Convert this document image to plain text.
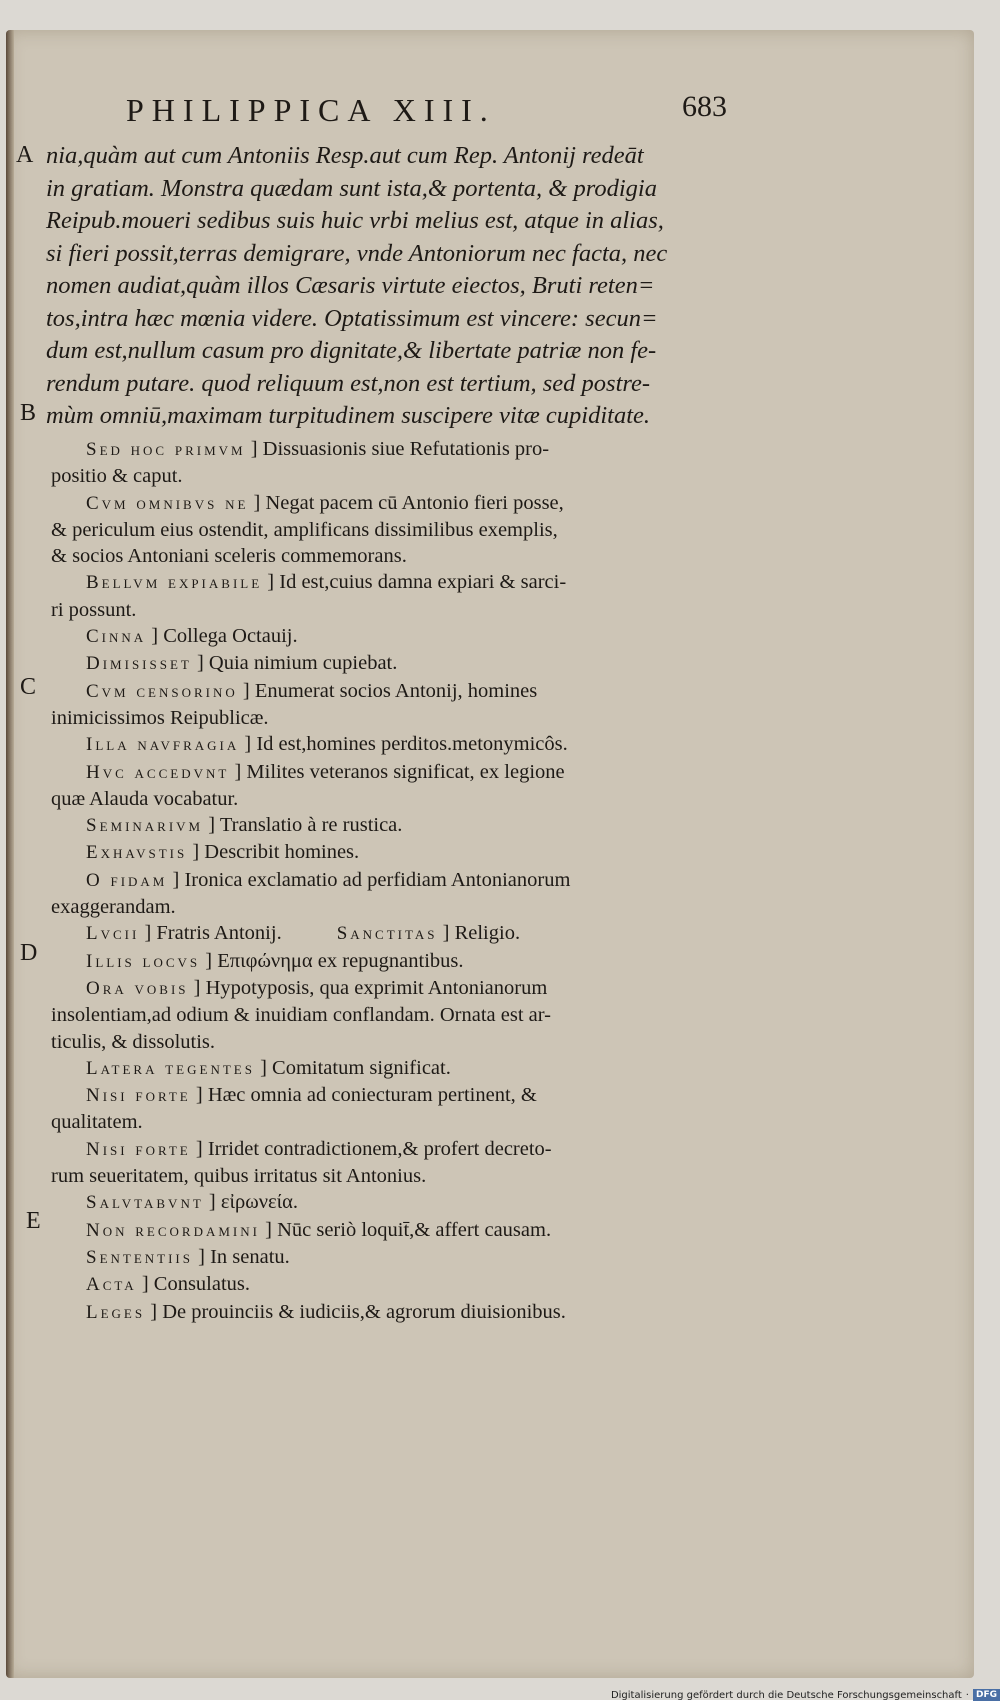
PHILIPPICA XIII.	683
nia,quàm aut cum Antoniis Resp.aut cum Rep. Antonij redeāt
in gratiam. Monstra quædam sunt ista,& portenta, & prodigia
Reipub.moueri sedibus suis huic vrbi melius est, atque in alias,
si fieri possit,terras demigrare, vnde Antoniorum nec facta, nec
nomen audiat,quàm illos Cæsaris virtute eiectos, Bruti reten=
tos,intra hæc mœnia videre. Optatissimum est vincere: secun=
dum est,nullum casum pro dignitate,& libertate patriæ non fe-
rendum putare. quod reliquum est,non est tertium, sed postre-
mùm omniū,maximam turpitudinem suscipere vitæ cupiditate.
Sed hoc primvm ] Dissuasionis siue Refutationis pro-
positio & caput.
Cvm omnibvs ne ] Negat pacem cū Antonio fieri posse,
& periculum eius ostendit, amplificans dissimilibus exemplis,
& socios Antoniani sceleris commemorans.
Bellvm expiabile ] Id est,cuius damna expiari & sarci-
ri possunt.
Cinna ] Collega Octauij.
Dimisisset ] Quia nimium cupiebat.
Cvm censorino ] Enumerat socios Antonij, homines
inimicissimos Reipublicæ.
Illa navfragia ] Id est,homines perditos.metonymicôs.
Hvc accedvnt ] Milites veteranos significat, ex legione
quæ Alauda vocabatur.
Seminarivm ] Translatio à re rustica.
Exhavstis ] Describit homines.
O fidam ] Ironica exclamatio ad perfidiam Antonianorum
exaggerandam.
Lvcii ] Fratris Antonij.	Sanctitas ] Religio.
Illis locvs ] Επιφώνημα ex repugnantibus.
Ora vobis ] Hypotyposis, qua exprimit Antonianorum
insolentiam,ad odium & inuidiam conflandam. Ornata est ar-
ticulis, & dissolutis.
Latera tegentes ] Comitatum significat.
Nisi forte ] Hæc omnia ad coniecturam pertinent, &
qualitatem.
Nisi forte ] Irridet contradictionem,& profert decreto-
rum seueritatem, quibus irritatus sit Antonius.
Salvtabvnt ] εἰρωνεία.
Non recordamini ] Nūc seriò loquit̄,& affert causam.
Sententiis ] In senatu.
Acta ] Consulatus.
Leges ] De prouinciis & iudiciis,& agrorum diuisionibus.
A
B
C
D
E
Digitalisierung gefördert durch die Deutsche Forschungsgemeinschaft · DFG
